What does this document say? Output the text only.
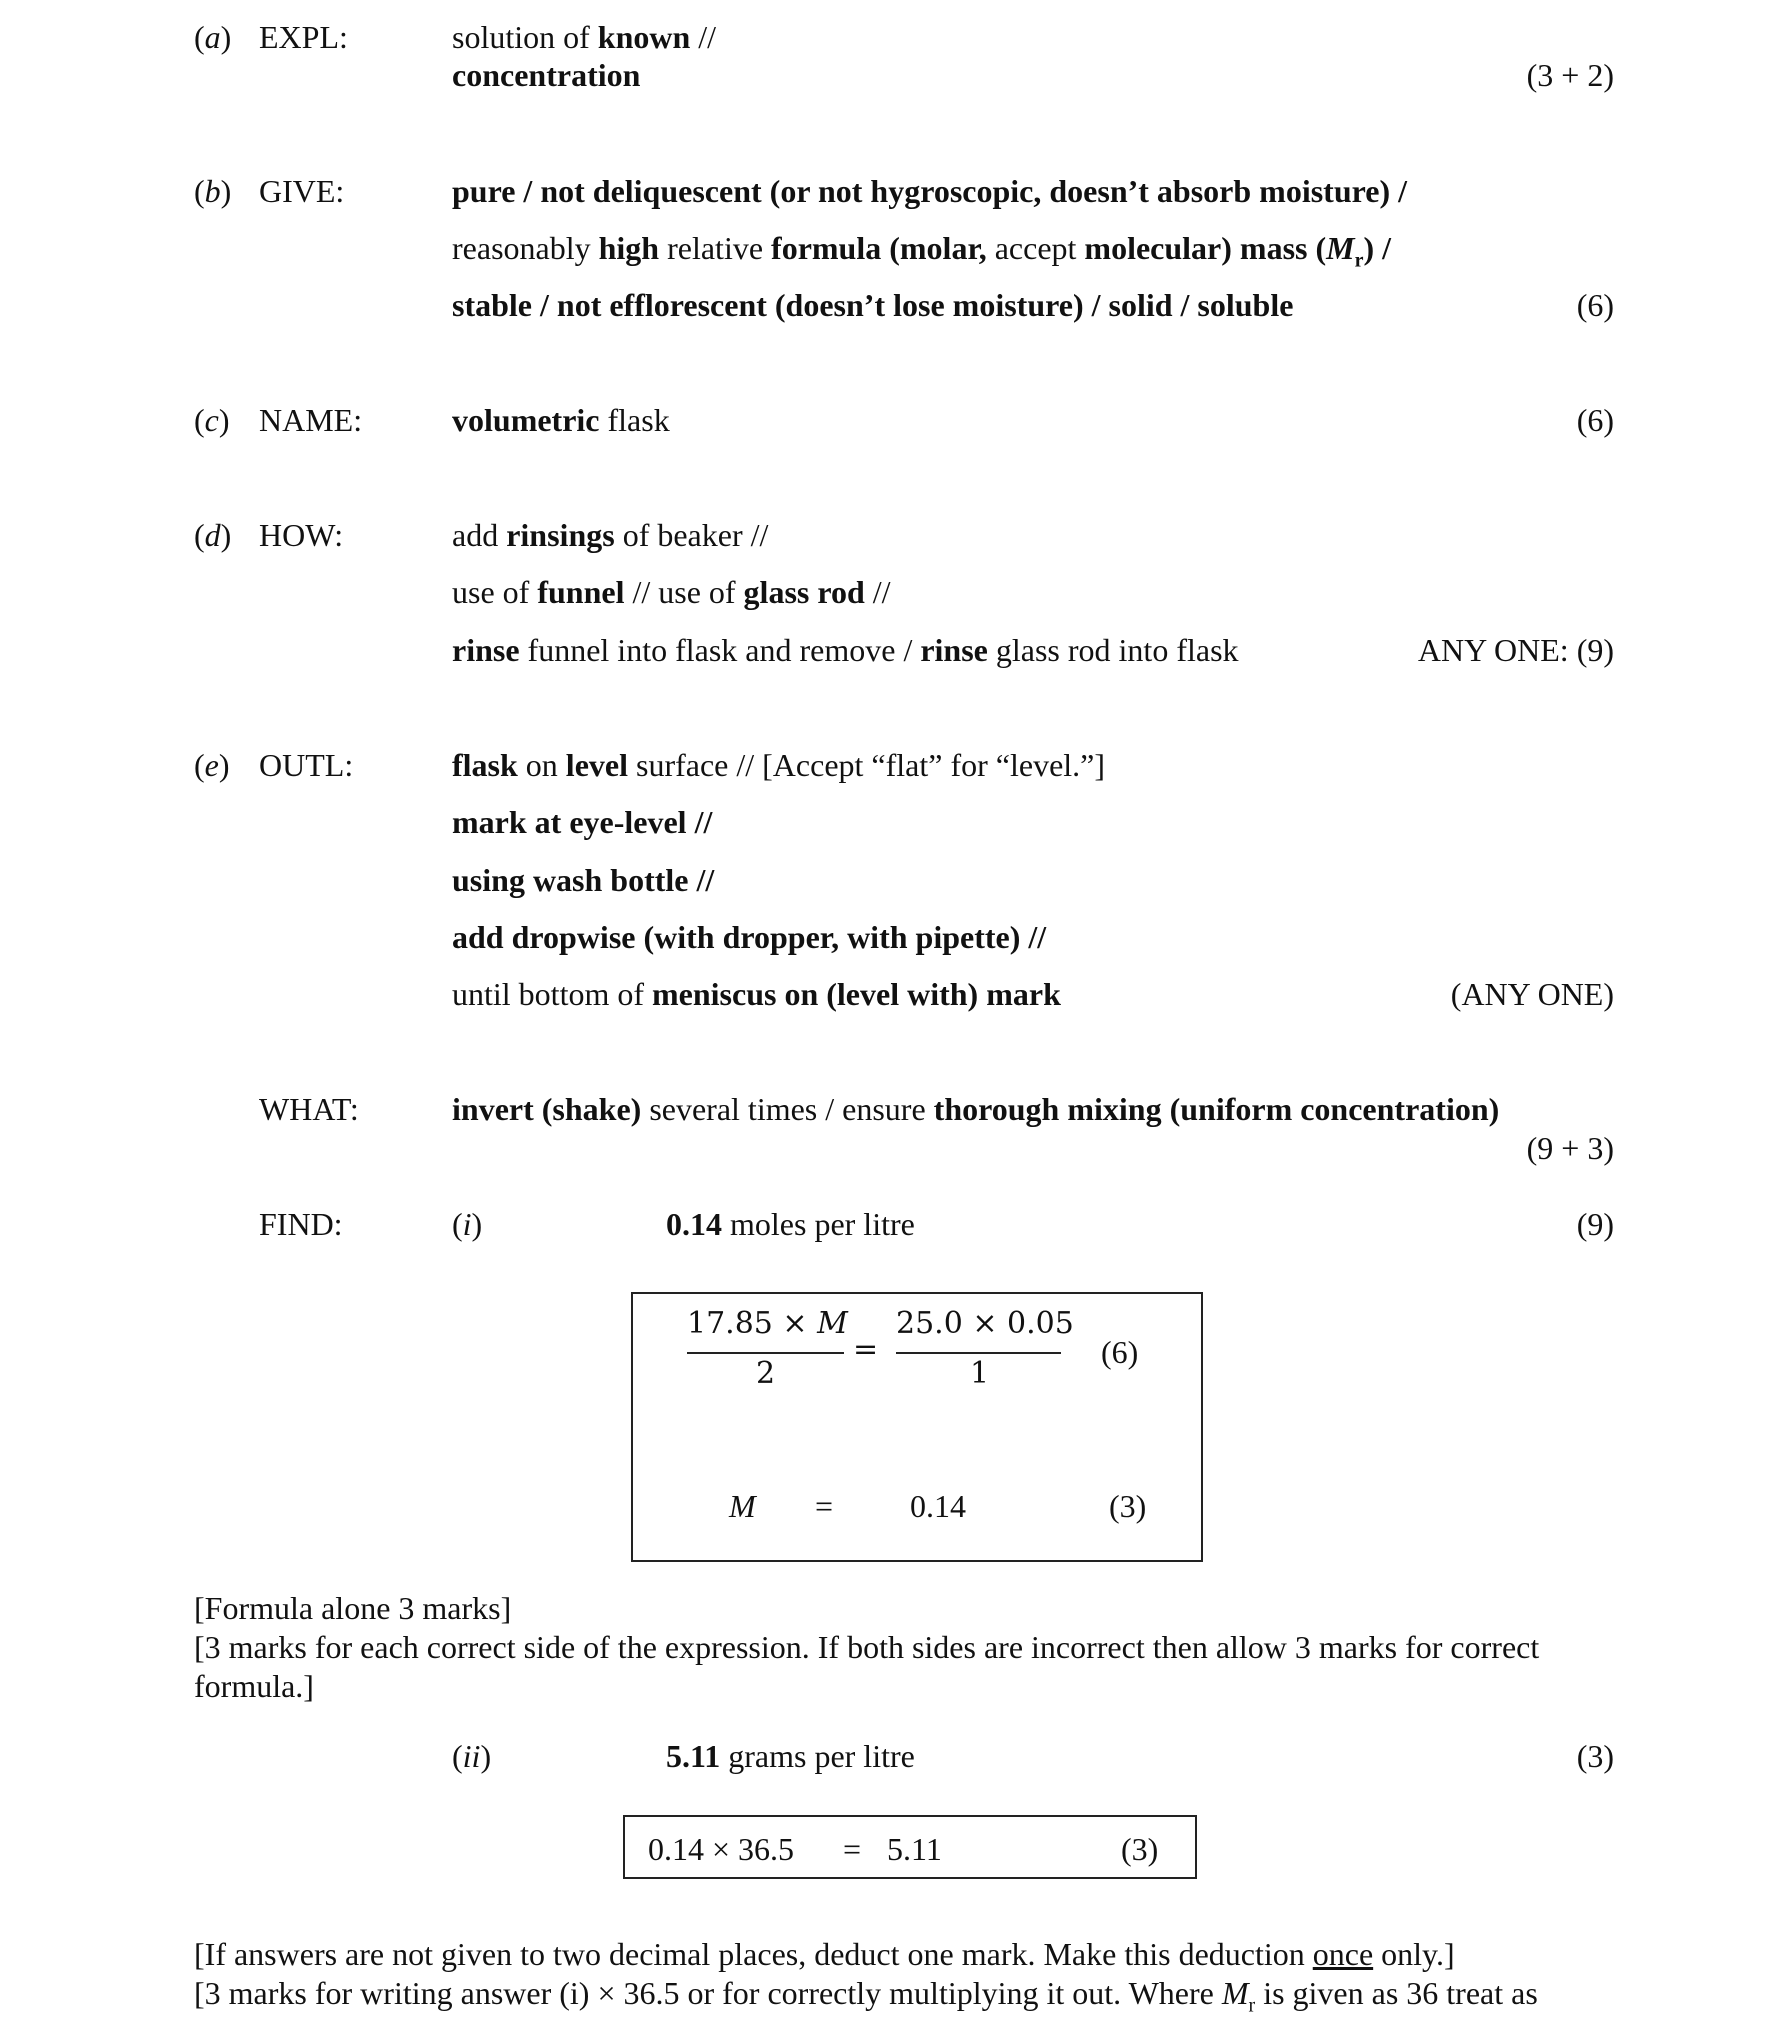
(a) EXPL:	solution of known //
concentration	(3 + 2)
(b) GIVE:	pure / not deliquescent (or not hygroscopic, doesn’t absorb moisture) /
reasonably high relative formula (molar, accept molecular) mass $(M_r)$ /
stable / not efflorescent (doesn’t lose moisture) / solid / soluble	(6)
(c) NAME:	volumetric flask	(6)
(d) HOW:	add rinsings of beaker //
use of funnel // use of glass rod //
rinse funnel into flask and remove / rinse glass rod into flask	ANY ONE: (9)
(e) OUTL:	flask on level surface // [Accept “flat” for “level.”]
mark at eye-level //
using wash bottle //
add dropwise (with dropper, with pipette) //
until bottom of meniscus on (level with) mark	(ANY ONE)
WHAT:	invert (shake) several times / ensure thorough mixing (uniform concentration)
(9 + 3)
FIND:	(i)	0.14 moles per litre	(9)
17.85 × M
2
=
25.0 × 0.05
1
(6)
M = 0.14	(3)
[Formula alone 3 marks]
[3 marks for each correct side of the expression. If both sides are incorrect then allow 3 marks for correct
formula.]
(ii)	5.11 grams per litre	(3)
0.14 × 36.5 = 5.11	(3)
[If answers are not given to two decimal places, deduct one mark. Make this deduction once only.]
[3 marks for writing answer (i) × 36.5 or for correctly multiplying it out. Where $M_r$ is given as 36 treat as
